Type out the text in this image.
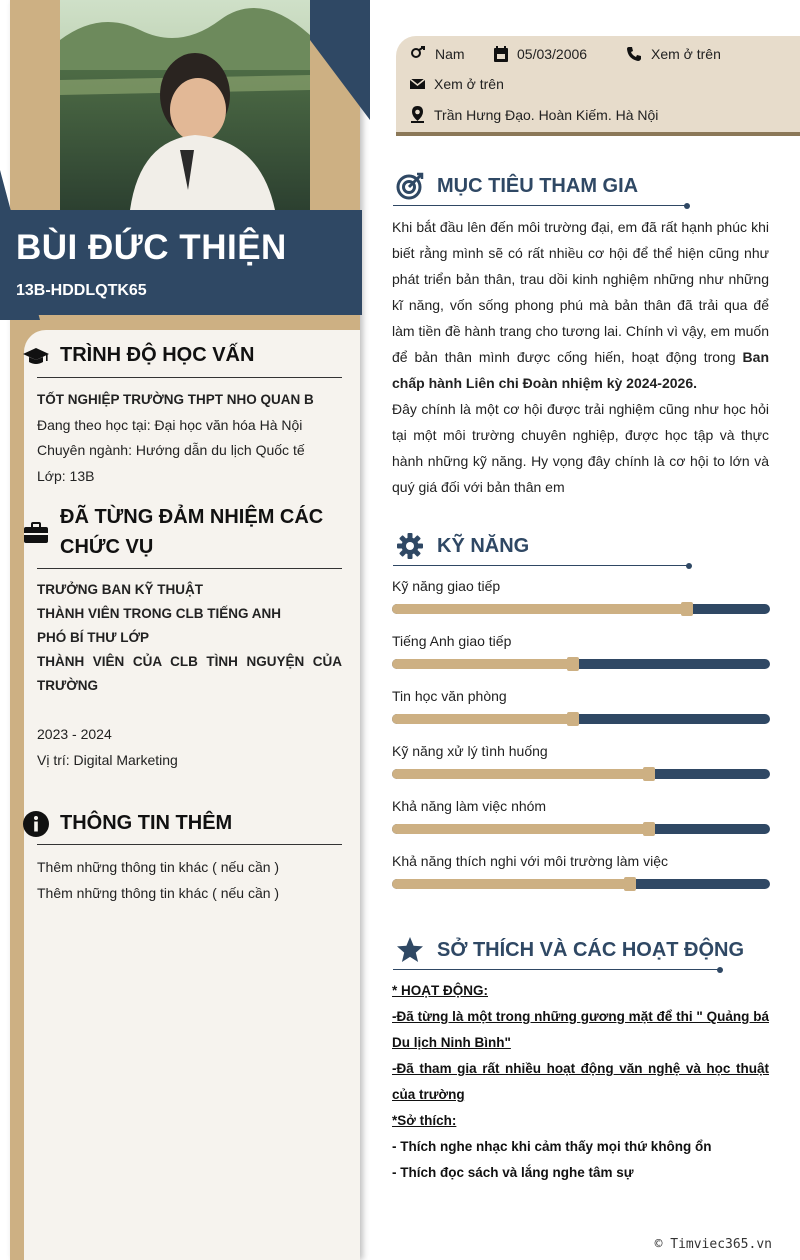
BÙI ĐỨC THIỆN
13B-HDDLQTK65
TRÌNH ĐỘ HỌC VẤN
TỐT NGHIỆP TRƯỜNG THPT NHO QUAN B
Đang theo học tại: Đại học văn hóa Hà Nội
Chuyên ngành: Hướng dẫn du lịch Quốc tế
Lớp: 13B
ĐÃ TỪNG ĐẢM NHIỆM CÁC
CHỨC VỤ
TRƯỞNG BAN KỸ THUẬT
THÀNH VIÊN TRONG CLB TIẾNG ANH
PHÓ BÍ THƯ LỚP
THÀNH VIÊN CỦA CLB TÌNH NGUYỆN CỦA TRƯỜNG
2023 - 2024
Vị trí: Digital Marketing
THÔNG TIN THÊM
Thêm những thông tin khác ( nếu cần )
Thêm những thông tin khác ( nếu cần )
Nam	05/03/2006	Xem ở trên
Xem ở trên
Trần Hưng Đạo. Hoàn Kiếm. Hà Nội
MỤC TIÊU THAM GIA
Khi bắt đầu lên đến môi trường đại, em đã rất hạnh phúc khi biết rằng mình sẽ có rất nhiều cơ hội để thể hiện cũng như phát triển bản thân, trau dồi kinh nghiệm những như những kĩ năng, vốn sống phong phú mà bản thân đã trải qua để làm tiền đề hành trang cho tương lai. Chính vì vậy, em muốn để bản thân mình được cống hiến, hoạt động trong Ban chấp hành Liên chi Đoàn nhiệm kỳ 2024-2026.
Đây chính là một cơ hội được trải nghiệm cũng như học hỏi tại một môi trường chuyên nghiệp, được học tập và thực hành những kỹ năng. Hy vọng đây chính là cơ hội to lớn và quý giá đối với bản thân em
KỸ NĂNG
Kỹ năng giao tiếp
Tiếng Anh giao tiếp
Tin học văn phòng
Kỹ năng xử lý tình huống
Khả năng làm việc nhóm
Khả năng thích nghi với môi trường làm việc
SỞ THÍCH VÀ CÁC HOẠT ĐỘNG
* HOẠT ĐỘNG:
-Đã từng là một trong những gương mặt để thi " Quảng bá Du lịch Ninh Bình"
-Đã tham gia rất nhiều hoạt động văn nghệ và học thuật của trường
*Sở thích:
- Thích nghe nhạc khi cảm thấy mọi thứ không ổn
- Thích đọc sách và lắng nghe tâm sự
© Timviec365.vn
